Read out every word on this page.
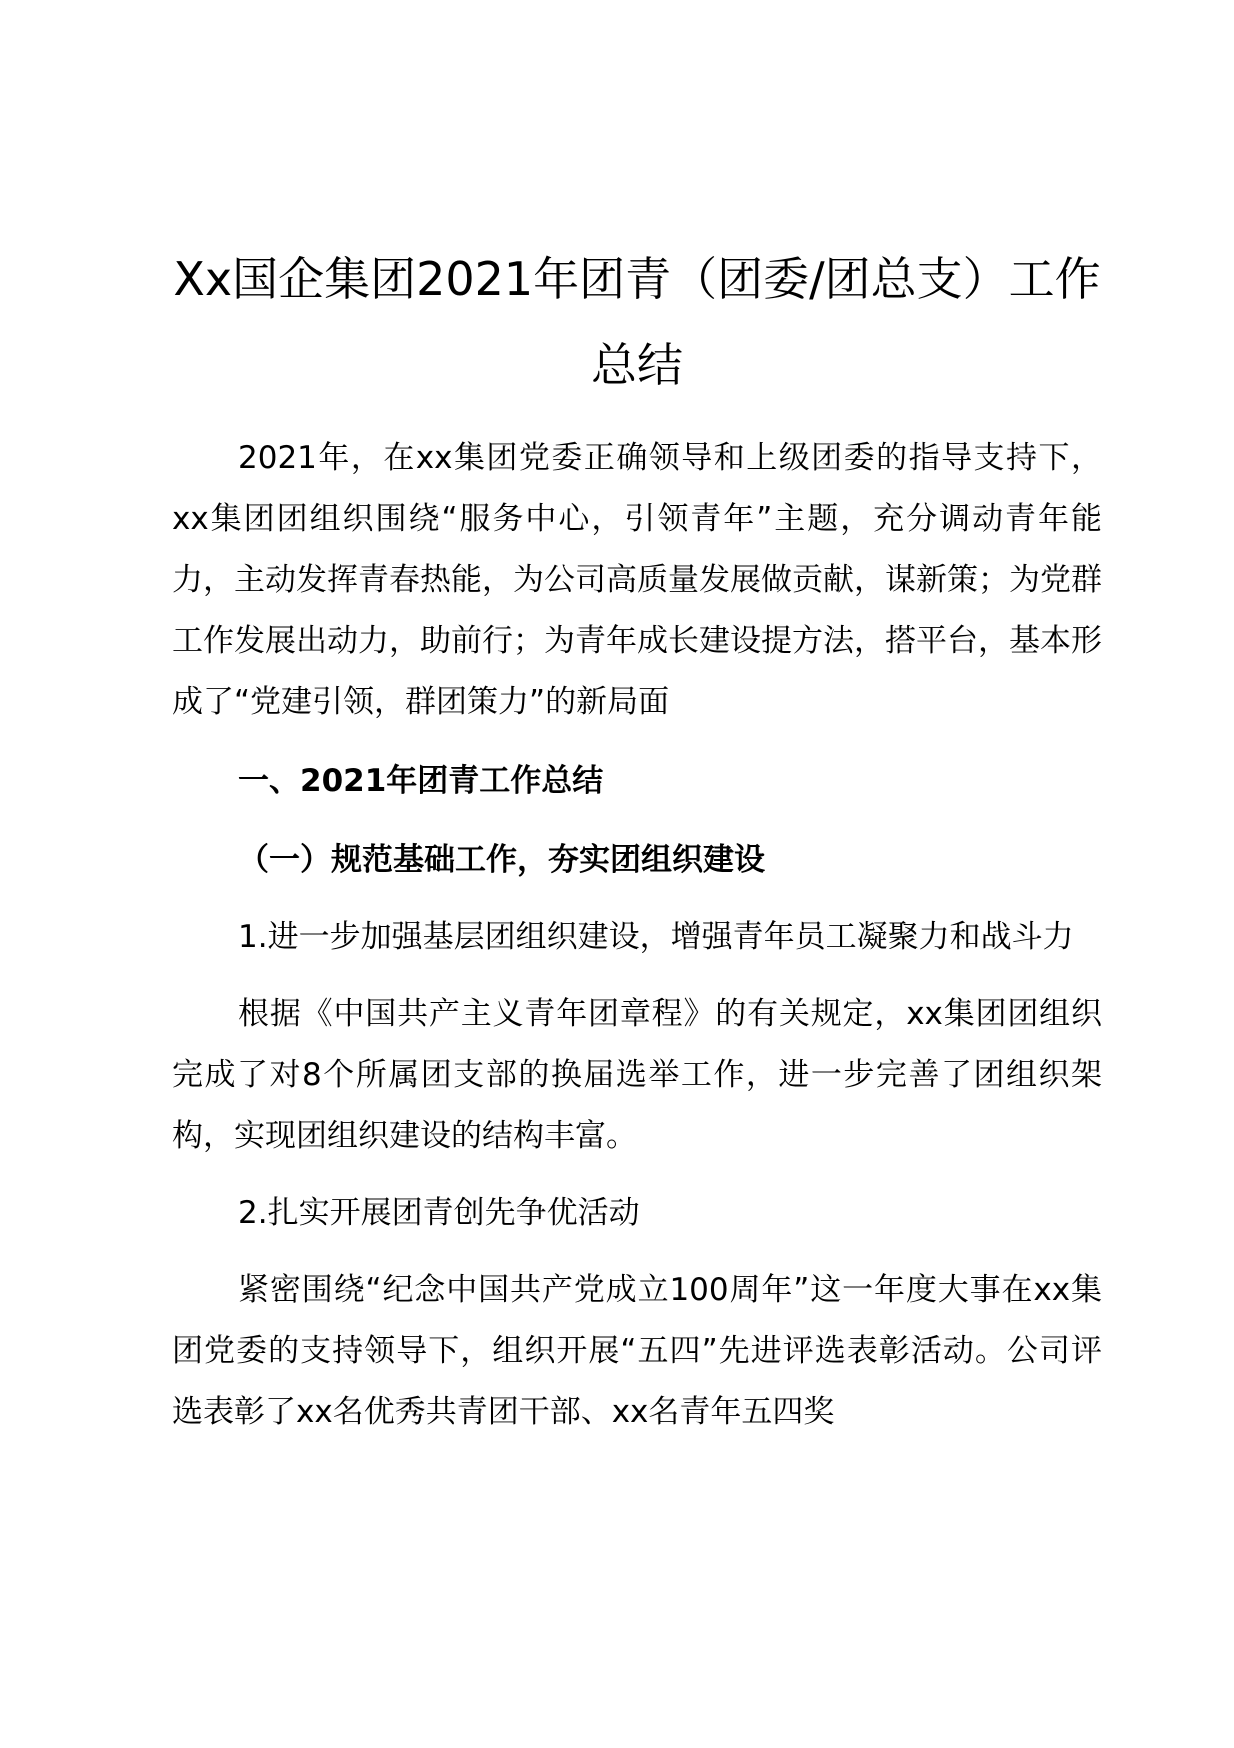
Xx国企集团2021年团青（团委/团总支）工作总结

2021年，在xx集团党委正确领导和上级团委的指导支持下，xx集团团组织围绕“服务中心，引领青年”主题，充分调动青年能力，主动发挥青春热能，为公司高质量发展做贡献，谋新策；为党群工作发展出动力，助前行；为青年成长建设提方法，搭平台，基本形成了“党建引领，群团策力”的新局面

一、2021年团青工作总结

（一）规范基础工作，夯实团组织建设

1.进一步加强基层团组织建设，增强青年员工凝聚力和战斗力

根据《中国共产主义青年团章程》的有关规定，xx集团团组织完成了对8个所属团支部的换届选举工作，进一步完善了团组织架构，实现团组织建设的结构丰富。

2.扎实开展团青创先争优活动

紧密围绕“纪念中国共产党成立100周年”这一年度大事在xx集团党委的支持领导下，组织开展“五四”先进评选表彰活动。公司评选表彰了xx名优秀共青团干部、xx名青年五四奖
